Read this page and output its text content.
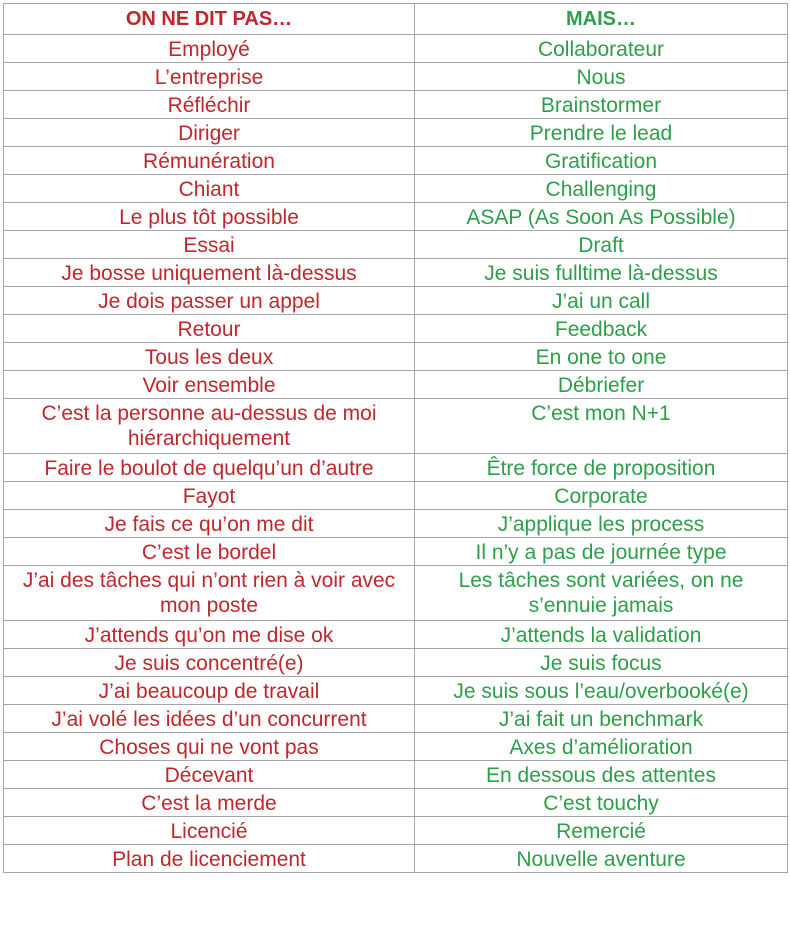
ON NE DIT PAS…	MAIS…
Employé	Collaborateur
L’entreprise	Nous
Réfléchir	Brainstormer
Diriger	Prendre le lead
Rémunération	Gratification
Chiant	Challenging
Le plus tôt possible	ASAP (As Soon As Possible)
Essai	Draft
Je bosse uniquement là-dessus	Je suis fulltime là-dessus
Je dois passer un appel	J’ai un call
Retour	Feedback
Tous les deux	En one to one
Voir ensemble	Débriefer
C’est la personne au-dessus de moi hiérarchiquement	C’est mon N+1
Faire le boulot de quelqu’un d’autre	Être force de proposition
Fayot	Corporate
Je fais ce qu’on me dit	J’applique les process
C’est le bordel	Il n’y a pas de journée type
J’ai des tâches qui n’ont rien à voir avec mon poste	Les tâches sont variées, on ne s’ennuie jamais
J’attends qu’on me dise ok	J’attends la validation
Je suis concentré(e)	Je suis focus
J’ai beaucoup de travail	Je suis sous l’eau/overbooké(e)
J’ai volé les idées d’un concurrent	J’ai fait un benchmark
Choses qui ne vont pas	Axes d’amélioration
Décevant	En dessous des attentes
C’est la merde	C’est touchy
Licencié	Remercié
Plan de licenciement	Nouvelle aventure
